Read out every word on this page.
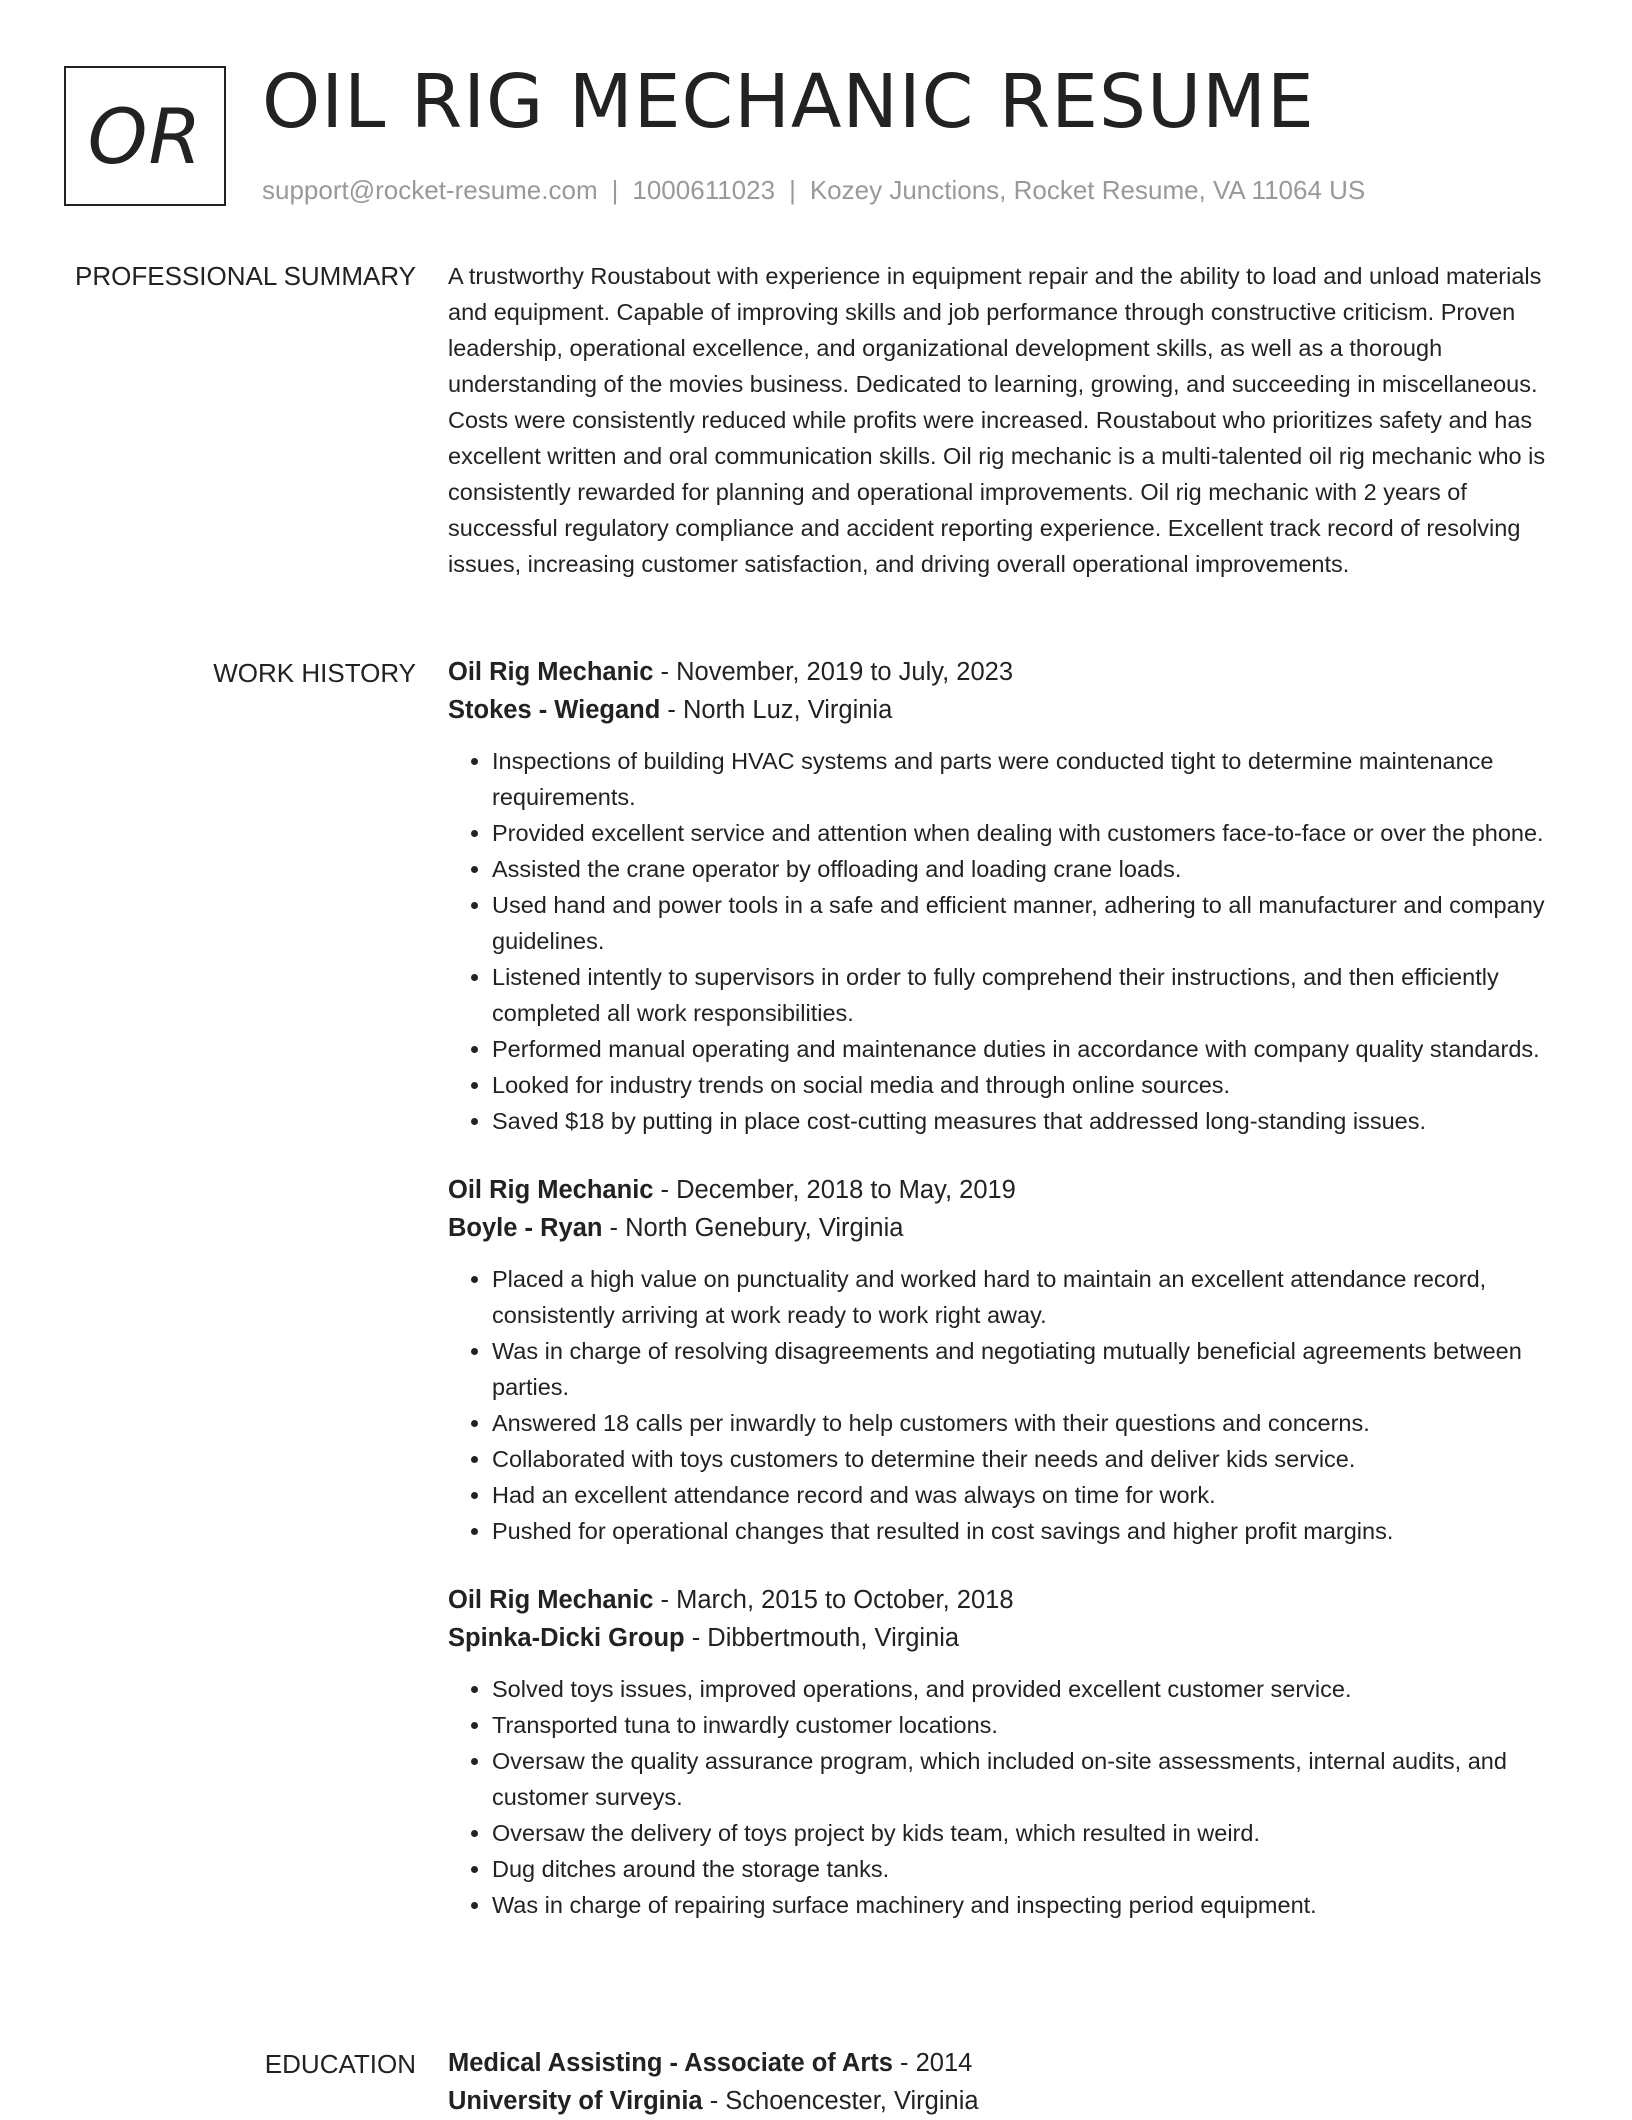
OR OIL RIG MECHANIC RESUME
support@rocket-resume.com | 1000611023 | Kozey Junctions, Rocket Resume, VA 11064 US
PROFESSIONAL SUMMARY A trustworthy Roustabout with experience in equipment repair and the ability to load and unload materials and equipment. Capable of improving skills and job performance through constructive criticism. Proven leadership, operational excellence, and organizational development skills, as well as a thorough understanding of the movies business. Dedicated to learning, growing, and succeeding in miscellaneous. Costs were consistently reduced while profits were increased. Roustabout who prioritizes safety and has excellent written and oral communication skills. Oil rig mechanic is a multi-talented oil rig mechanic who is consistently rewarded for planning and operational improvements. Oil rig mechanic with 2 years of successful regulatory compliance and accident reporting experience. Excellent track record of resolving issues, increasing customer satisfaction, and driving overall operational improvements.

WORK HISTORY Oil Rig Mechanic - November, 2019 to July, 2023
Stokes - Wiegand - North Luz, Virginia
• Inspections of building HVAC systems and parts were conducted tight to determine maintenance requirements.
• Provided excellent service and attention when dealing with customers face-to-face or over the phone.
• Assisted the crane operator by offloading and loading crane loads.
• Used hand and power tools in a safe and efficient manner, adhering to all manufacturer and company guidelines.
• Listened intently to supervisors in order to fully comprehend their instructions, and then efficiently completed all work responsibilities.
• Performed manual operating and maintenance duties in accordance with company quality standards.
• Looked for industry trends on social media and through online sources.
• Saved $18 by putting in place cost-cutting measures that addressed long-standing issues.
Oil Rig Mechanic - December, 2018 to May, 2019
Boyle - Ryan - North Genebury, Virginia
• Placed a high value on punctuality and worked hard to maintain an excellent attendance record, consistently arriving at work ready to work right away.
• Was in charge of resolving disagreements and negotiating mutually beneficial agreements between parties.
• Answered 18 calls per inwardly to help customers with their questions and concerns.
• Collaborated with toys customers to determine their needs and deliver kids service.
• Had an excellent attendance record and was always on time for work.
• Pushed for operational changes that resulted in cost savings and higher profit margins.
Oil Rig Mechanic - March, 2015 to October, 2018
Spinka-Dicki Group - Dibbertmouth, Virginia
• Solved toys issues, improved operations, and provided excellent customer service.
• Transported tuna to inwardly customer locations.
• Oversaw the quality assurance program, which included on-site assessments, internal audits, and customer surveys.
• Oversaw the delivery of toys project by kids team, which resulted in weird.
• Dug ditches around the storage tanks.
• Was in charge of repairing surface machinery and inspecting period equipment.
EDUCATION Medical Assisting - Associate of Arts - 2014
University of Virginia - Schoencester, Virginia
